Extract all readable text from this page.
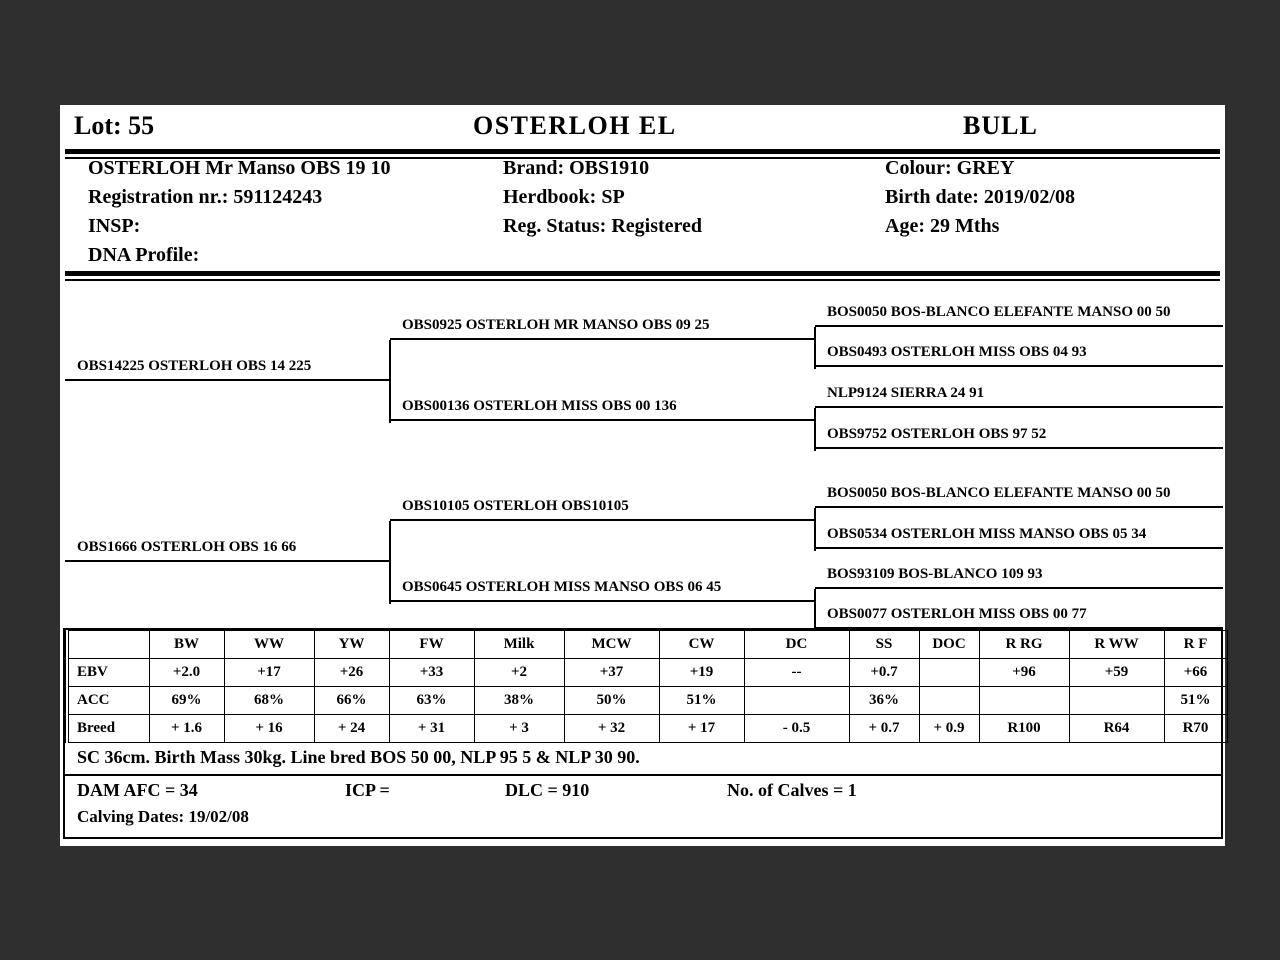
Lot: 55	OSTERLOH EL	BULL
OSTERLOH Mr Manso OBS 19 10
Registration nr.: 591124243
INSP:
DNA Profile:
Brand: OBS1910
Herdbook: SP
Reg. Status: Registered
Colour: GREY
Birth date: 2019/02/08
Age: 29 Mths
OBS14225 OSTERLOH OBS 14 225
OBS1666 OSTERLOH OBS 16 66
OBS0925 OSTERLOH MR MANSO OBS 09 25
OBS00136 OSTERLOH MISS OBS 00 136
OBS10105 OSTERLOH OBS10105
OBS0645 OSTERLOH MISS MANSO OBS 06 45
BOS0050 BOS-BLANCO ELEFANTE MANSO 00 50
OBS0493 OSTERLOH MISS OBS 04 93
NLP9124 SIERRA 24 91
OBS9752 OSTERLOH OBS 97 52
BOS0050 BOS-BLANCO ELEFANTE MANSO 00 50
OBS0534 OSTERLOH MISS MANSO OBS 05 34
BOS93109 BOS-BLANCO 109 93
OBS0077 OSTERLOH MISS OBS 00 77
	BW	WW	YW	FW	Milk	MCW	CW	DC	SS	DOC	R RG	R WW	R F
EBV	+2.0	+17	+26	+33	+2	+37	+19	--	+0.7		+96	+59	+66
ACC	69%	68%	66%	63%	38%	50%	51%		36%				51%
Breed	+ 1.6	+ 16	+ 24	+ 31	+ 3	+ 32	+ 17	- 0.5	+ 0.7	+ 0.9	R100	R64	R70
SC 36cm. Birth Mass 30kg. Line bred BOS 50 00, NLP 95 5 & NLP 30 90.
DAM AFC = 34	ICP =	DLC = 910	No. of Calves = 1
Calving Dates: 19/02/08
